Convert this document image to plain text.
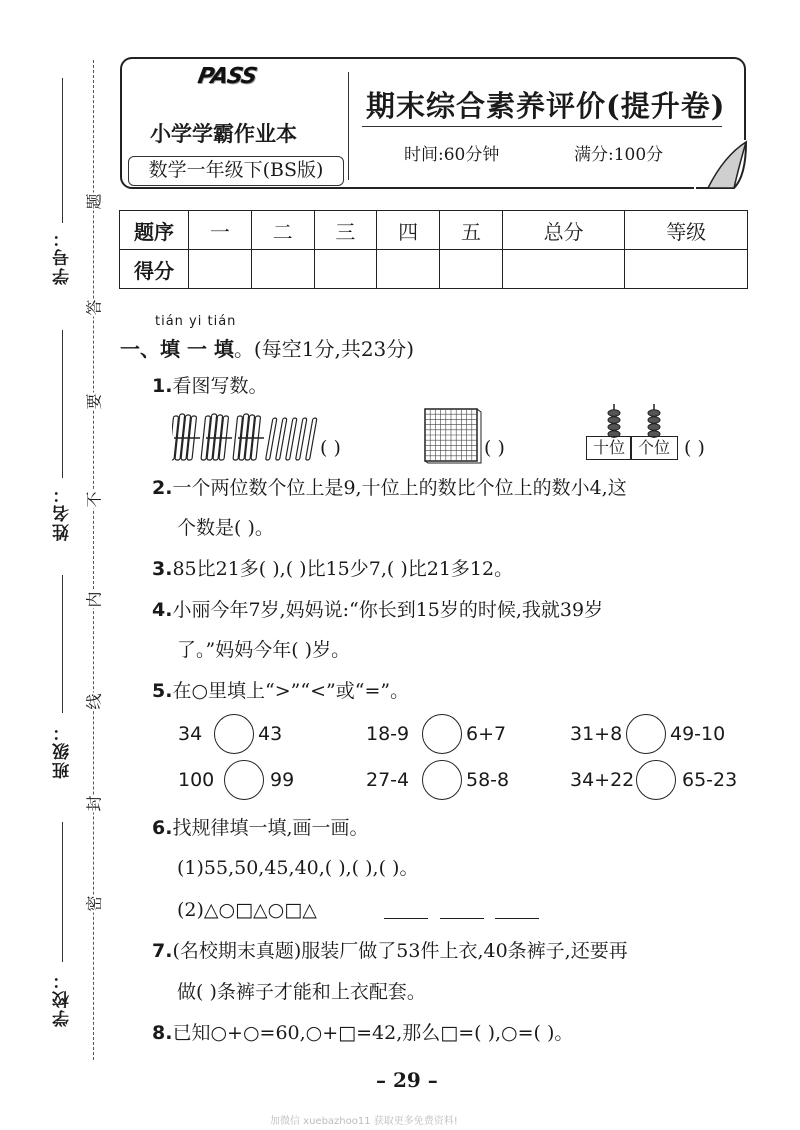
学号：
姓名：
班级：
学校：
题
答
要
不
内
线
封
密
PASS
小学学霸作业本
数学一年级下(BS版)
期末综合素养评价(提升卷)
时间:60分钟	满分:100分
题序	一	二	三	四	五	总分	等级
得分							
tián yi tián
一、填 一 填。(每空1分,共23分)
1.看图写数。
( )	( )	十位 个位 ( )
2.一个两位数个位上是9,十位上的数比个位上的数小4,这
个数是( )。
3.85比21多( ),( )比15少7,( )比21多12。
4.小丽今年7岁,妈妈说:“你长到15岁的时候,我就39岁
了。”妈妈今年( )岁。
5.在○里填上“>”“<”或“=”。
34	43	18-9	6+7	31+8	49-10
100	99	27-4	58-8	34+22	65-23
6.找规律填一填,画一画。
(1)55,50,45,40,( ),( ),( )。
(2)△○□△○□△
7.(名校期末真题)服装厂做了53件上衣,40条裤子,还要再
做( )条裤子才能和上衣配套。
8.已知○+○=60,○+□=42,那么□=( ),○=( )。
– 29 –
加微信 xuebazhoo11 获取更多免费资料!
